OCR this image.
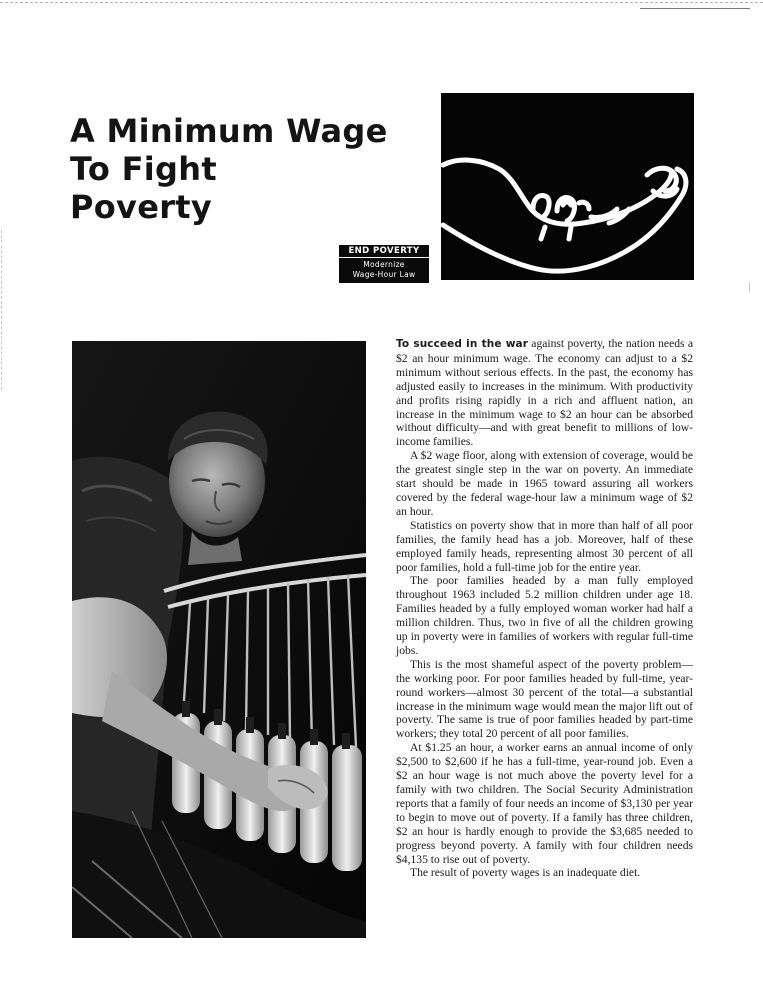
A Minimum Wage
To Fight
Poverty
END POVERTY
Modernize
Wage-Hour Law

To succeed in the war against poverty, the nation needs a $2 an hour minimum wage. The economy can adjust to a $2 minimum without serious effects. In the past, the economy has adjusted easily to increases in the minimum. With productivity and profits rising rapidly in a rich and affluent nation, an increase in the minimum wage to $2 an hour can be absorbed without difficulty—and with great benefit to millions of low-income families.

A $2 wage floor, along with extension of coverage, would be the greatest single step in the war on poverty. An immediate start should be made in 1965 toward assuring all workers covered by the federal wage-hour law a minimum wage of $2 an hour.

Statistics on poverty show that in more than half of all poor families, the family head has a job. Moreover, half of these employed family heads, representing almost 30 percent of all poor families, hold a full-time job for the entire year.

The poor families headed by a man fully employed throughout 1963 included 5.2 million children under age 18. Families headed by a fully employed woman worker had half a million children. Thus, two in five of all the children growing up in poverty were in families of workers with regular full-time jobs.

This is the most shameful aspect of the poverty problem—the working poor. For poor families headed by full-time, year-round workers—almost 30 percent of the total—a substantial increase in the minimum wage would mean the major lift out of poverty. The same is true of poor families headed by part-time workers; they total 20 percent of all poor families.

At $1.25 an hour, a worker earns an annual income of only $2,500 to $2,600 if he has a full-time, year-round job. Even a $2 an hour wage is not much above the poverty level for a family with two children. The Social Security Administration reports that a family of four needs an income of $3,130 per year to begin to move out of poverty. If a family has three children, $2 an hour is hardly enough to provide the $3,685 needed to progress beyond poverty. A family with four children needs $4,135 to rise out of poverty.

The result of poverty wages is an inadequate diet.
